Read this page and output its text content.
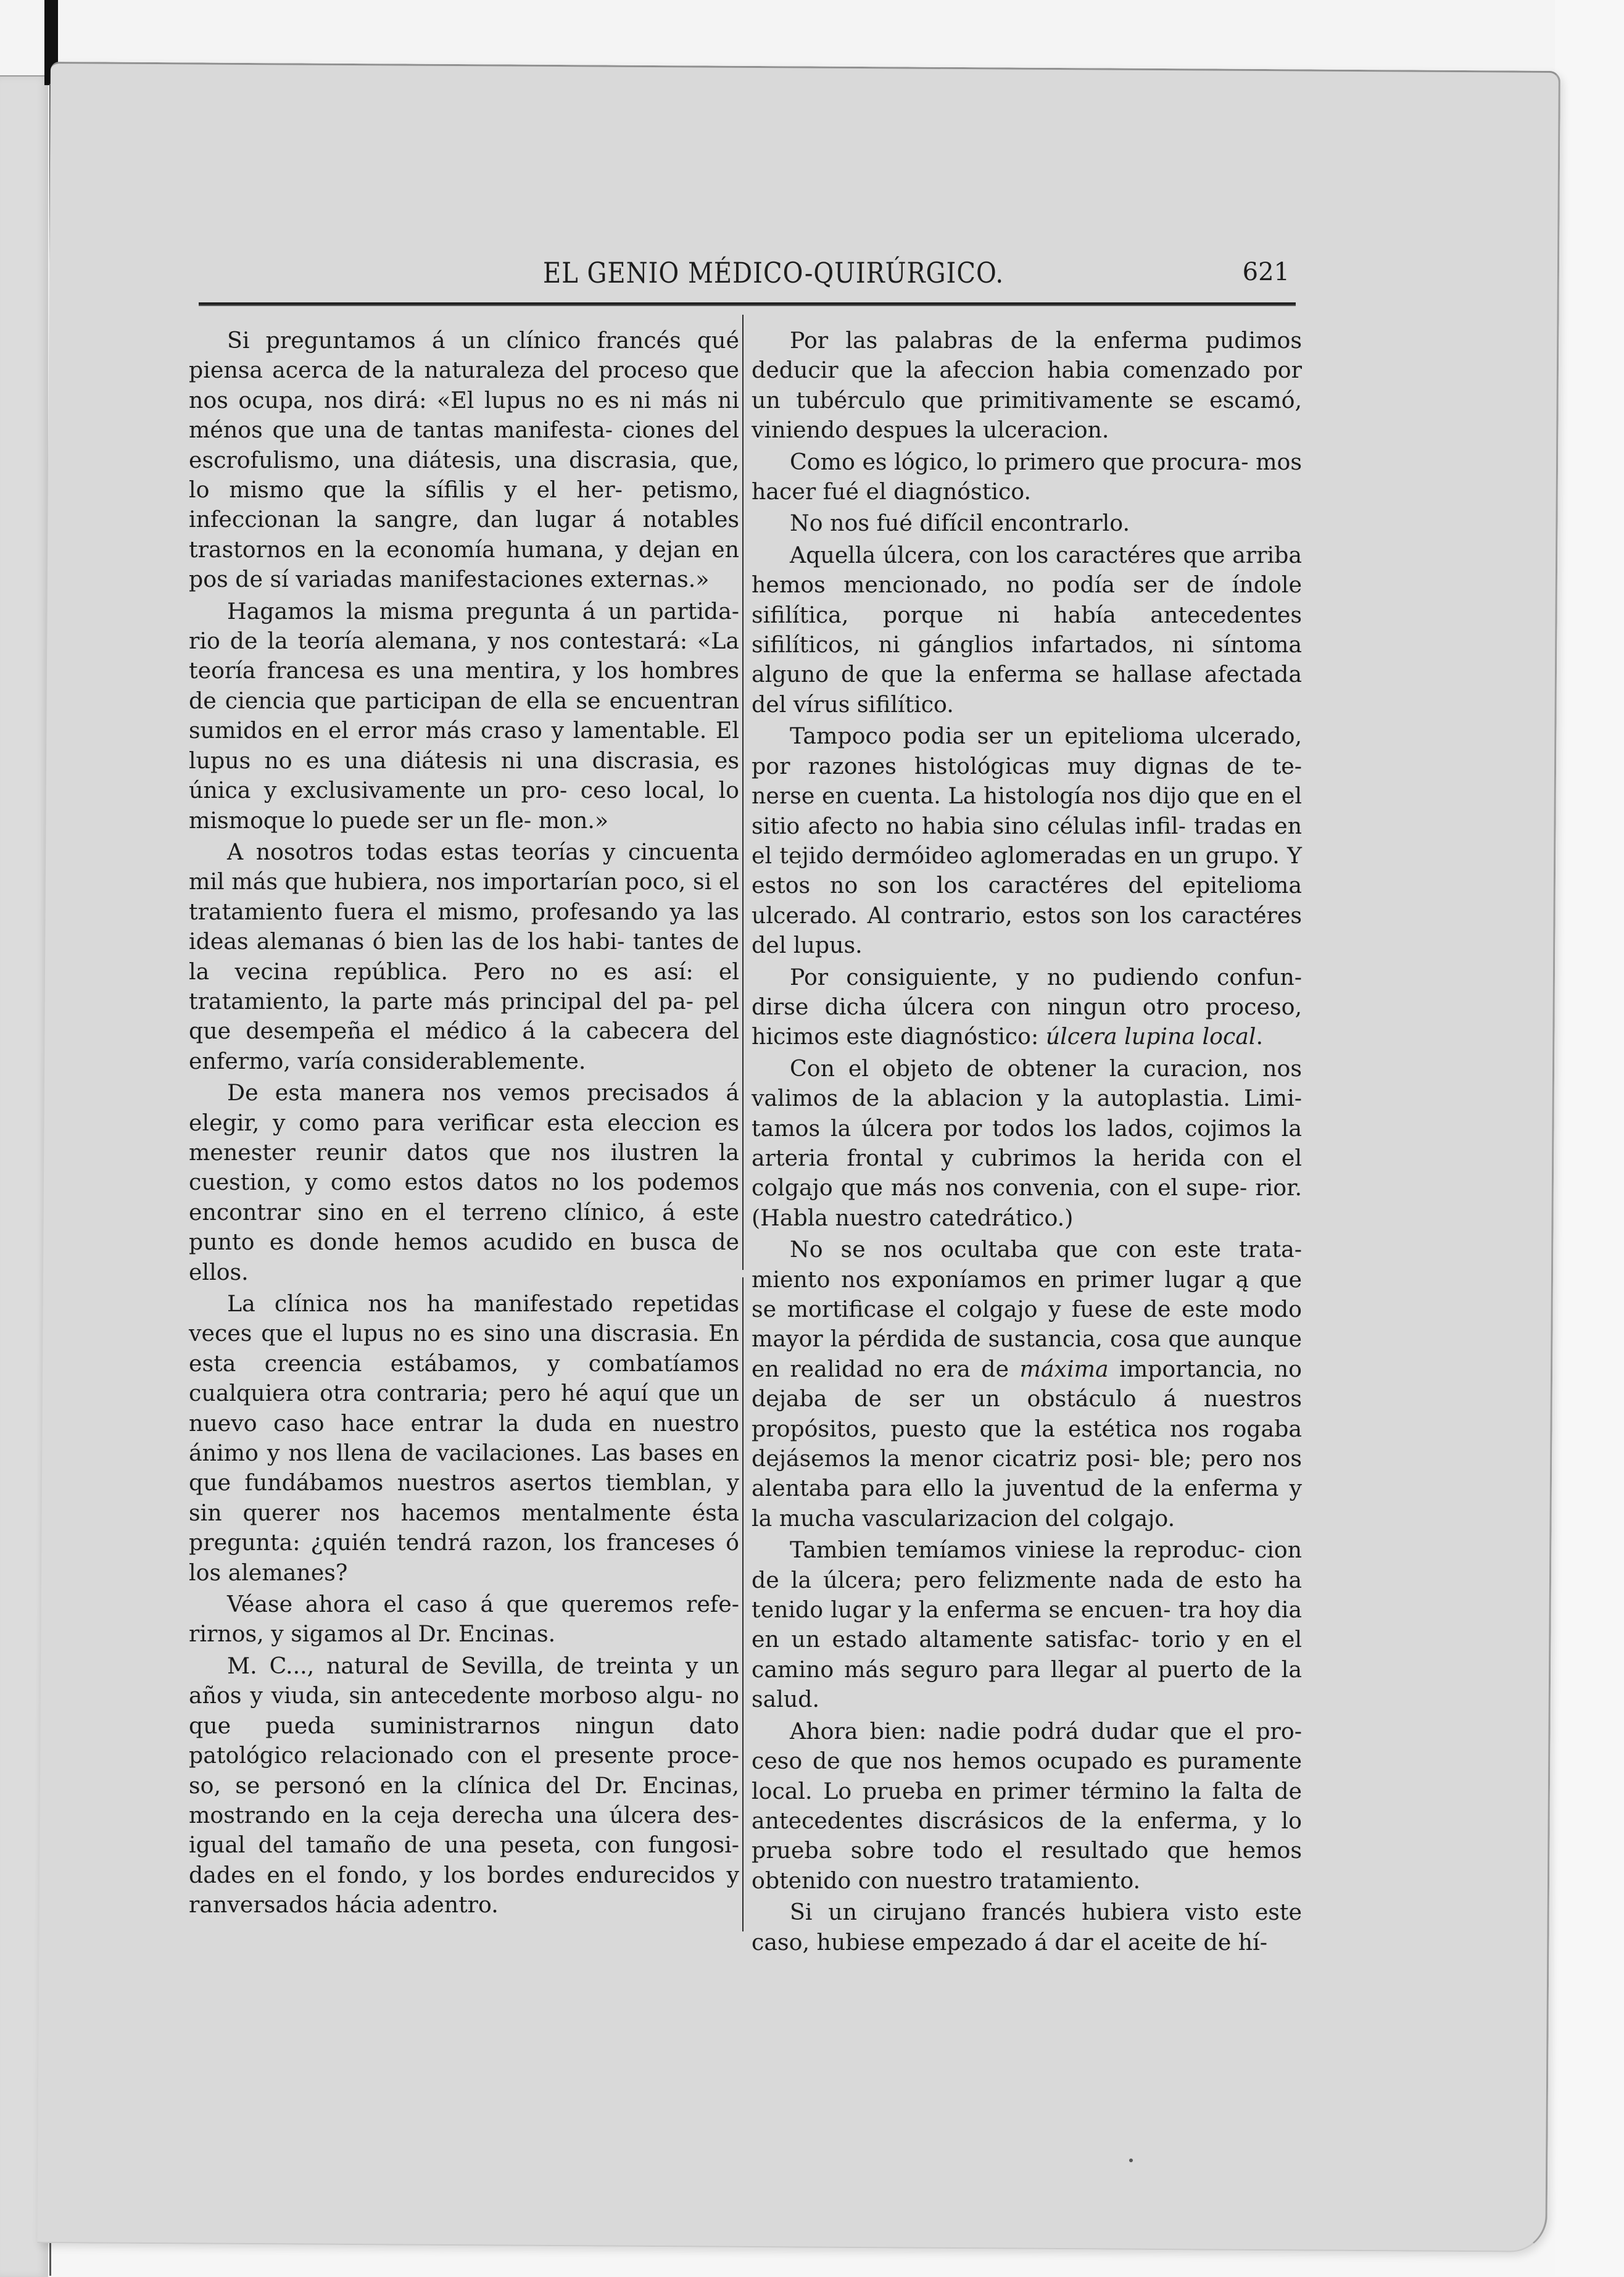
EL GENIO MÉDICO-QUIRÚRGICO.	621

Si preguntamos á un clínico francés qué piensa acerca de la naturaleza del proceso que nos ocupa, nos dirá: «El lupus no es ni más ni ménos que una de tantas manifesta- ciones del escrofulismo, una diátesis, una discrasia, que, lo mismo que la sífilis y el her- petismo, infeccionan la sangre, dan lugar á notables trastornos en la economía humana, y dejan en pos de sí variadas manifestaciones externas.»

Hagamos la misma pregunta á un partida- rio de la teoría alemana, y nos contestará: «La teoría francesa es una mentira, y los hombres de ciencia que participan de ella se encuentran sumidos en el error más craso y lamentable. El lupus no es una diátesis ni una discrasia, es única y exclusivamente un pro- ceso local, lo mismoque lo puede ser un fle- mon.»

A nosotros todas estas teorías y cincuenta mil más que hubiera, nos importarían poco, si el tratamiento fuera el mismo, profesando ya las ideas alemanas ó bien las de los habi- tantes de la vecina república. Pero no es así: el tratamiento, la parte más principal del pa- pel que desempeña el médico á la cabecera del enfermo, varía considerablemente.

De esta manera nos vemos precisados á elegir, y como para verificar esta eleccion es menester reunir datos que nos ilustren la cuestion, y como estos datos no los podemos encontrar sino en el terreno clínico, á este punto es donde hemos acudido en busca de ellos.

La clínica nos ha manifestado repetidas veces que el lupus no es sino una discrasia. En esta creencia estábamos, y combatíamos cualquiera otra contraria; pero hé aquí que un nuevo caso hace entrar la duda en nuestro ánimo y nos llena de vacilaciones. Las bases en que fundábamos nuestros asertos tiemblan, y sin querer nos hacemos mentalmente ésta pregunta: ¿quién tendrá razon, los franceses ó los alemanes?

Véase ahora el caso á que queremos refe- rirnos, y sigamos al Dr. Encinas.

M. C..., natural de Sevilla, de treinta y un años y viuda, sin antecedente morboso algu- no que pueda suministrarnos ningun dato patológico relacionado con el presente proce- so, se personó en la clínica del Dr. Encinas, mostrando en la ceja derecha una úlcera des- igual del tamaño de una peseta, con fungosi- dades en el fondo, y los bordes endurecidos y ranversados hácia adentro.

Por las palabras de la enferma pudimos deducir que la afeccion habia comenzado por un tubérculo que primitivamente se escamó, viniendo despues la ulceracion.

Como es lógico, lo primero que procura- mos hacer fué el diagnóstico.

No nos fué difícil encontrarlo.

Aquella úlcera, con los caractéres que arriba hemos mencionado, no podía ser de índole sifilítica, porque ni había antecedentes sifilíticos, ni gánglios infartados, ni síntoma alguno de que la enferma se hallase afectada del vírus sifilítico.

Tampoco podia ser un epitelioma ulcerado, por razones histológicas muy dignas de te- nerse en cuenta. La histología nos dijo que en el sitio afecto no habia sino células infil- tradas en el tejido dermóideo aglomeradas en un grupo. Y estos no son los caractéres del epitelioma ulcerado. Al contrario, estos son los caractéres del lupus.

Por consiguiente, y no pudiendo confun- dirse dicha úlcera con ningun otro proceso, hicimos este diagnóstico: úlcera lupina local.

Con el objeto de obtener la curacion, nos valimos de la ablacion y la autoplastia. Limi- tamos la úlcera por todos los lados, cojimos la arteria frontal y cubrimos la herida con el colgajo que más nos convenia, con el supe- rior. (Habla nuestro catedrático.)

No se nos ocultaba que con este trata- miento nos exponíamos en primer lugar ą que se mortificase el colgajo y fuese de este modo mayor la pérdida de sustancia, cosa que aunque en realidad no era de máxima importancia, no dejaba de ser un obstáculo á nuestros propósitos, puesto que la estética nos rogaba dejásemos la menor cicatriz posi- ble; pero nos alentaba para ello la juventud de la enferma y la mucha vascularizacion del colgajo.

Tambien temíamos viniese la reproduc- cion de la úlcera; pero felizmente nada de esto ha tenido lugar y la enferma se encuen- tra hoy dia en un estado altamente satisfac- torio y en el camino más seguro para llegar al puerto de la salud.

Ahora bien: nadie podrá dudar que el pro- ceso de que nos hemos ocupado es puramente local. Lo prueba en primer término la falta de antecedentes discrásicos de la enferma, y lo prueba sobre todo el resultado que hemos obtenido con nuestro tratamiento.

Si un cirujano francés hubiera visto este caso, hubiese empezado á dar el aceite de hí-
